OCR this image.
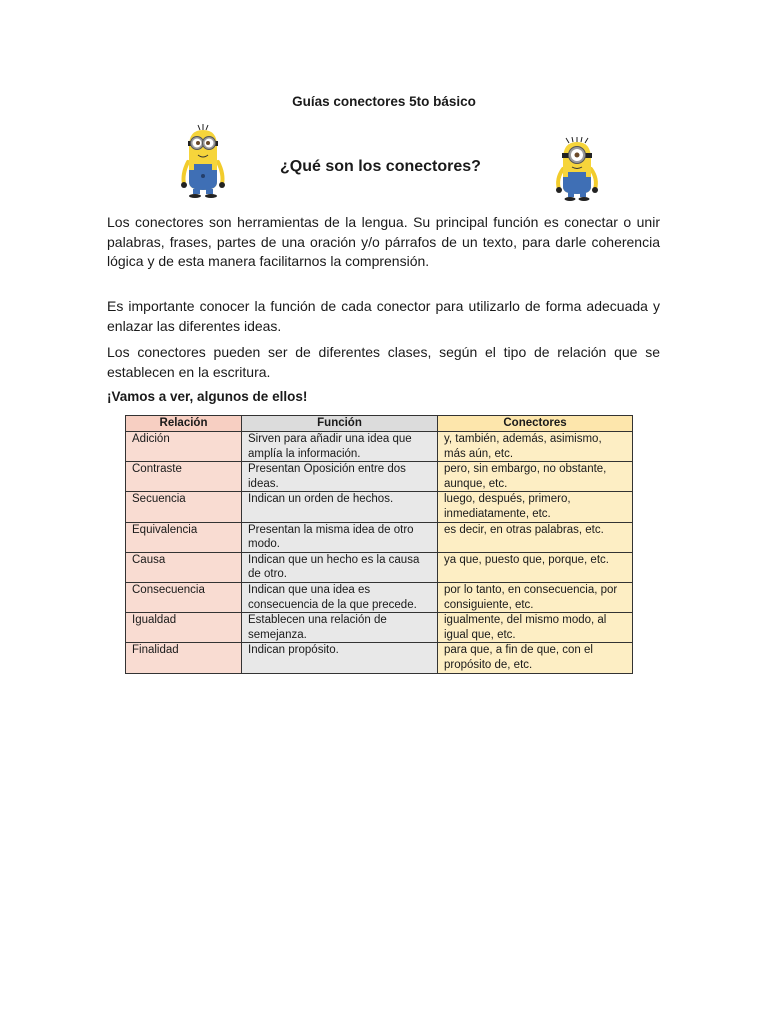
Guías conectores 5to básico
¿Qué son los conectores?

Los conectores son herramientas de la lengua. Su principal función es conectar o unir palabras, frases, partes de una oración y/o párrafos de un texto, para darle coherencia lógica y de esta manera facilitarnos la comprensión.

Es importante conocer la función de cada conector para utilizarlo de forma adecuada y enlazar las diferentes ideas.

Los conectores pueden ser de diferentes clases, según el tipo de relación que se establecen en la escritura.

¡Vamos a ver, algunos de ellos!
Relación	Función	Conectores
Adición	Sirven para añadir una idea que amplía la información.	y, también, además, asimismo, más aún, etc.
Contraste	Presentan Oposición entre dos ideas.	pero, sin embargo, no obstante, aunque, etc.
Secuencia	Indican un orden de hechos.	luego, después, primero, inmediatamente, etc.
Equivalencia	Presentan la misma idea de otro modo.	es decir, en otras palabras, etc.
Causa	Indican que un hecho es la causa de otro.	ya que, puesto que, porque, etc.
Consecuencia	Indican que una idea es consecuencia de la que precede.	por lo tanto, en consecuencia, por consiguiente, etc.
Igualdad	Establecen una relación de semejanza.	igualmente, del mismo modo, al igual que, etc.
Finalidad	Indican propósito.	para que, a fin de que, con el propósito de, etc.
